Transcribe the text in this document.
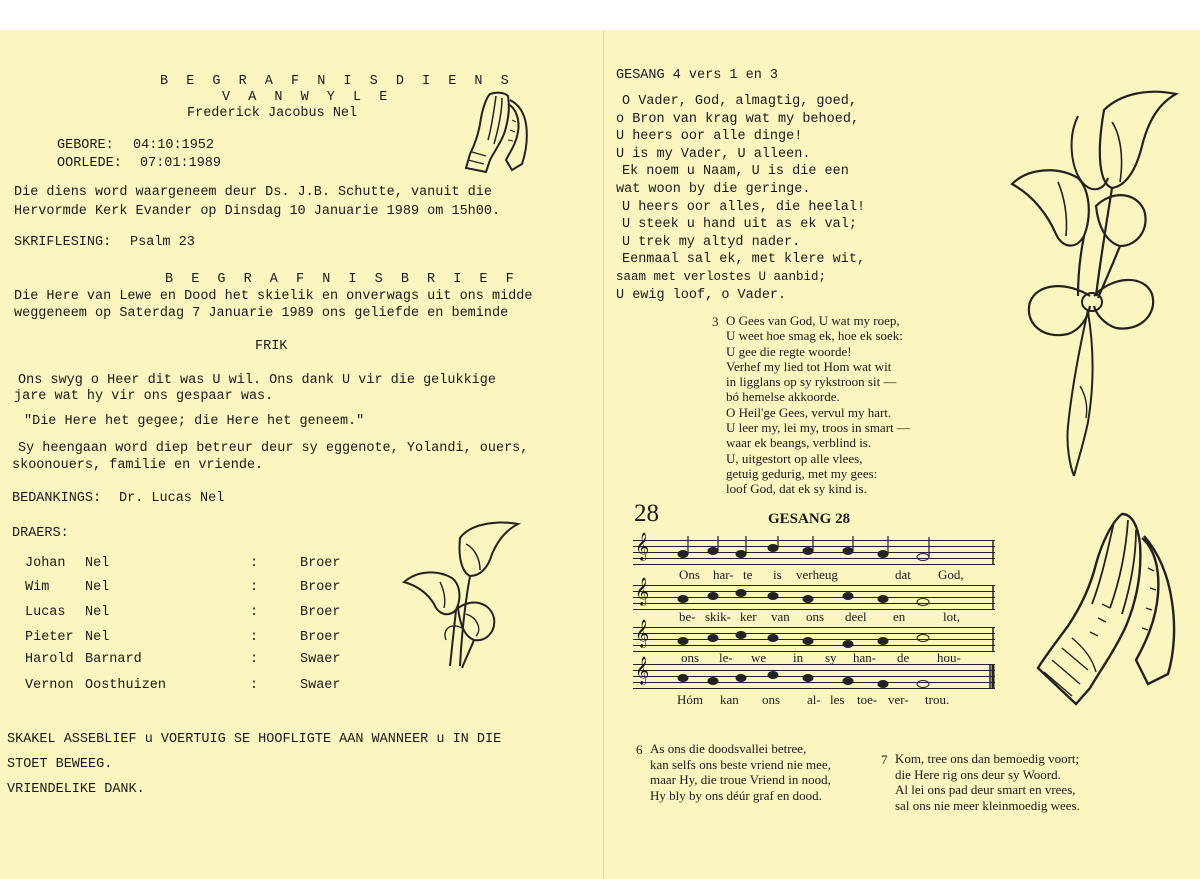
B E G R A F N I S D I E N S
V A N W Y L E
Frederick Jacobus Nel
GEBORE: 04:10:1952
OORLEDE: 07:01:1989
Die diens word waargeneem deur Ds. J.B. Schutte, vanuit die
Hervormde Kerk Evander op Dinsdag 10 Januarie 1989 om 15h00.
SKRIFLESING: Psalm 23
B E G R A F N I S B R I E F
Die Here van Lewe en Dood het skielik en onverwags uit ons midde
weggeneem op Saterdag 7 Januarie 1989 ons geliefde en beminde
FRIK
Ons swyg o Heer dit was U wil. Ons dank U vir die gelukkige
jare wat hy vir ons gespaar was.
"Die Here het gegee; die Here het geneem."
Sy heengaan word diep betreur deur sy eggenote, Yolandi, ouers,
skoonouers, familie en vriende.
BEDANKINGS: Dr. Lucas Nel
DRAERS:
Johan Nel	:	Broer
Wim	Nel	:	Broer
Lucas Nel	:	Broer
Pieter Nel	:	Broer
Harold Barnard	:	Swaer
Vernon Oosthuizen	:	Swaer
SKAKEL ASSEBLIEF u VOERTUIG SE HOOFLIGTE AAN WANNEER u IN DIE
STOET BEWEEG.
VRIENDELIKE DANK.
GESANG 4 vers 1 en 3
O Vader, God, almagtig, goed,
o Bron van krag wat my behoed,
U heers oor alle dinge!
U is my Vader, U alleen.
Ek noem u Naam, U is die een
wat woon by die geringe.
U heers oor alles, die heelal!
U steek u hand uit as ek val;
U trek my altyd nader.
Eenmaal sal ek, met klere wit,
saam met verlostes U aanbid;
U ewig loof, o Vader.
3 O Gees van God, U wat my roep,
U weet hoe smag ek, hoe ek soek:
U gee die regte woorde!
Verhef my lied tot Hom wat wit
in ligglans op sy rykstroon sit —
bó hemelse akkoorde.
O Heil'ge Gees, vervul my hart.
U leer my, lei my, troos in smart —
waar ek beangs, verblind is.
U, uitgestort op alle vlees,
getuig gedurig, met my gees:
loof God, dat ek sy kind is.
28	GESANG 28
𝄞
𝄞
𝄞
𝄞
Ons har- te is verheug	dat God,
be- skik- ker van ons deel en	lot,
ons le- we in sy han- de hou-
Hóm kan ons al- les toe- ver- trou.
6 As ons die doodsvallei betree,
kan selfs ons beste vriend nie mee,
maar Hy, die troue Vriend in nood,
Hy bly by ons déúr graf en dood.
7 Kom, tree ons dan bemoedig voort;
die Here rig ons deur sy Woord.
Al lei ons pad deur smart en vrees,
sal ons nie meer kleinmoedig wees.
